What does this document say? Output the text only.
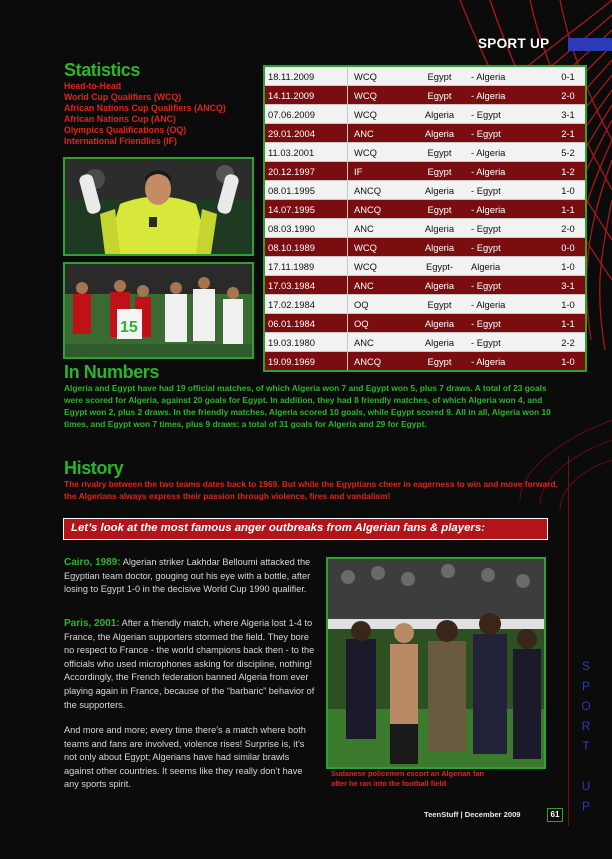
SPORT UP
Statistics
Head-to-Head
World Cup Qualifiers (WCQ)
African Nations Cup Qualifiers (ANCQ)
African Nations Cup (ANC)
Olympics Qualifications (OQ)
International Friendlies (IF)
15
18.11.2009	WCQ	Egypt	- Algeria	0-1
14.11.2009	WCQ	Egypt	- Algeria	2-0
07.06.2009	WCQ	Algeria	- Egypt	3-1
29.01.2004	ANC	Algeria	- Egypt	2-1
11.03.2001	WCQ	Egypt	- Algeria	5-2
20.12.1997	IF	Egypt	- Algeria	1-2
08.01.1995	ANCQ	Algeria	- Egypt	1-0
14.07.1995	ANCQ	Egypt	- Algeria	1-1
08.03.1990	ANC	Algeria	- Egypt	2-0
08.10.1989	WCQ	Algeria	- Egypt	0-0
17.11.1989	WCQ	Egypt-	Algeria	1-0
17.03.1984	ANC	Algeria	- Egypt	3-1
17.02.1984	OQ	Egypt	- Algeria	1-0
06.01.1984	OQ	Algeria	- Egypt	1-1
19.03.1980	ANC	Algeria	- Egypt	2-2
19.09.1969	ANCQ	Egypt	- Algeria	1-0
In Numbers
Algeria and Egypt have had 19 official matches, of which Algeria won 7 and Egypt won 5, plus 7 draws. A total of 23 goals were scored for Algeria, against 20 goals for Egypt. In addition, they had 8 friendly matches, of which Algeria won 4, and Egypt won 2, plus 2 draws. In the friendly matches, Algeria scored 10 goals, while Egypt scored 9. All in all, Algeria won 10 times, and Egypt won 7 times, plus 9 draws; a total of 31 goals for Algeria and 29 for Egypt.
History
The rivalry between the two teams dates back to 1969. But while the Egyptians cheer in eagerness to win and move forward, the Algerians always express their passion through violence, fires and vandalism!
Let’s look at the most famous anger outbreaks from Algerian fans & players:
Cairo, 1989: Algerian striker Lakhdar Belloumi attacked the Egyptian team doctor, gouging out his eye with a bottle, after losing to Egypt 1-0 in the decisive World Cup 1990 qualifier.
Paris, 2001: After a friendly match, where Algeria lost 1-4 to France, the Algerian supporters stormed the field. They bore no respect to France - the world champions back then - to the officials who used microphones asking for discipline, nothing! Accordingly, the French federation banned Algeria from ever playing again in France, because of the “barbaric” behavior of the supporters.
And more and more; every time there’s a match where both teams and fans are involved, violence rises! Surprise is, it’s not only about Egypt; Algerians have had similar brawls against other countries. It seems like they really don’t have any sports spirit.
Sudanese policemen escort an Algerian fan
after he ran into the football field
S
P
O
R
T

U
P
TeenStuff | December 2009	61
